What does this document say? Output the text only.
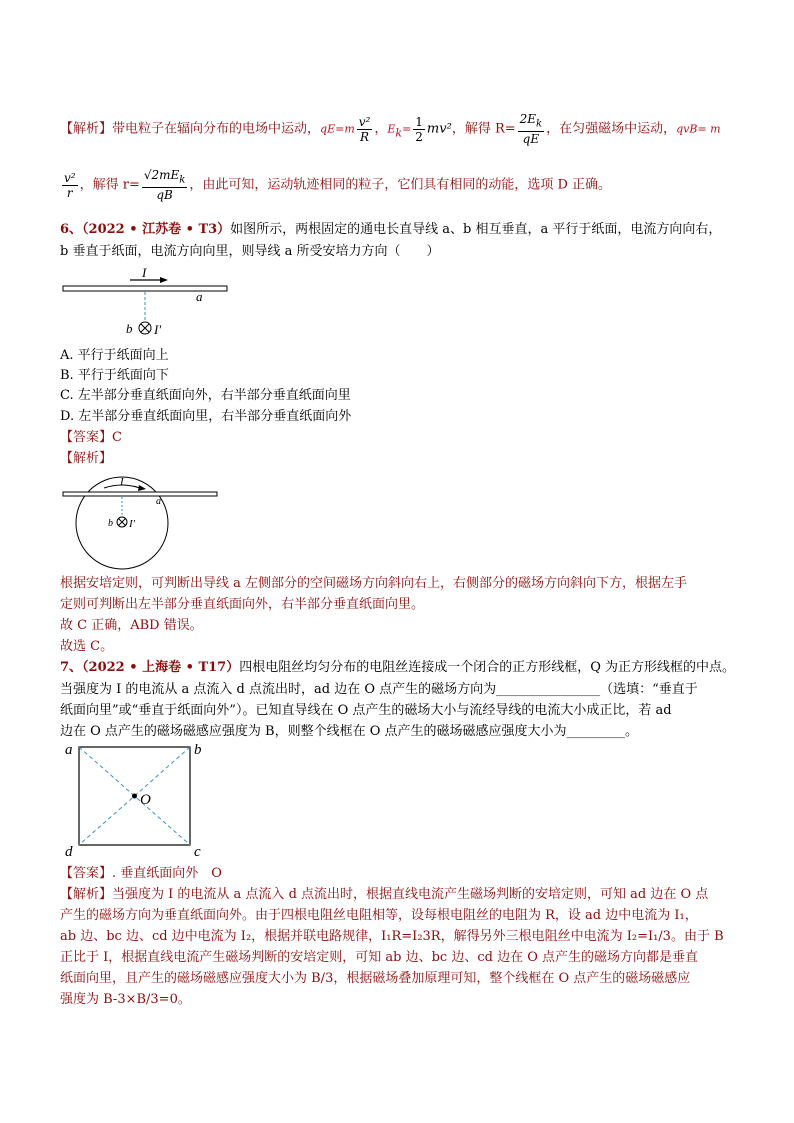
【解析】带电粒子在辐向分布的电场中运动，$qE=m \frac{\text{v²}}{R}$ ，$E_k= \frac{1}{2} mv^2$，解得 $R= \frac{2E_k}{qE}$ ，在匀强磁场中运动，qvB= m
$\frac{\text{v²}}{r}$ ，解得 $r= \frac{√2mE_k}{qB}$ ，由此可知，运动轨迹相同的粒子，它们具有相同的动能，选项 D 正确。
6、（2022 • 江苏卷 • T3）如图所示，两根固定的通电长直导线 a、b 相互垂直，a 平行于纸面，电流方向向右，
b 垂直于纸面，电流方向向里，则导线 a 所受安培力方向（　　）
I
a
b I′
A. 平行于纸面向上
B. 平行于纸面向下
C. 左半部分垂直纸面向外，右半部分垂直纸面向里
D. 左半部分垂直纸面向里，右半部分垂直纸面向外
【答案】C
【解析】
I
a
b I′
根据安培定则，可判断出导线 a 左侧部分的空间磁场方向斜向右上，右侧部分的磁场方向斜向下方，根据左手
定则可判断出左半部分垂直纸面向外，右半部分垂直纸面向里。
故 C 正确，ABD 错误。
故选 C。
7、（2022 • 上海卷 • T17）四根电阻丝均匀分布的电阻丝连接成一个闭合的正方形线框，Q 为正方形线框的中点。
当强度为 I 的电流从 a 点流入 d 点流出时，ad 边在 O 点产生的磁场方向为________________（选填：“垂直于
纸面向里”或“垂直于纸面向外”）。已知直导线在 O 点产生的磁场大小与流经导线的电流大小成正比，若 ad
边在 O 点产生的磁场磁感应强度为 B，则整个线框在 O 点产生的磁场磁感应强度大小为_________。
a	b
c
d
O
【答案】. 垂直纸面向外　O
【解析】当强度为 I 的电流从 a 点流入 d 点流出时，根据直线电流产生磁场判断的安培定则，可知 ad 边在 O 点
产生的磁场方向为垂直纸面向外。由于四根电阻丝电阻相等，设每根电阻丝的电阻为 R，设 ad 边中电流为 I₁，
ab 边、bc 边、cd 边中电流为 I₂，根据并联电路规律，I₁R=I₂3R，解得另外三根电阻丝中电流为 I₂=I₁/3。由于 B
正比于 I，根据直线电流产生磁场判断的安培定则，可知 ab 边、bc 边、cd 边在 O 点产生的磁场方向都是垂直
纸面向里，且产生的磁场磁感应强度大小为 B/3，根据磁场叠加原理可知，整个线框在 O 点产生的磁场磁感应
强度为 B-3×B/3=0。
